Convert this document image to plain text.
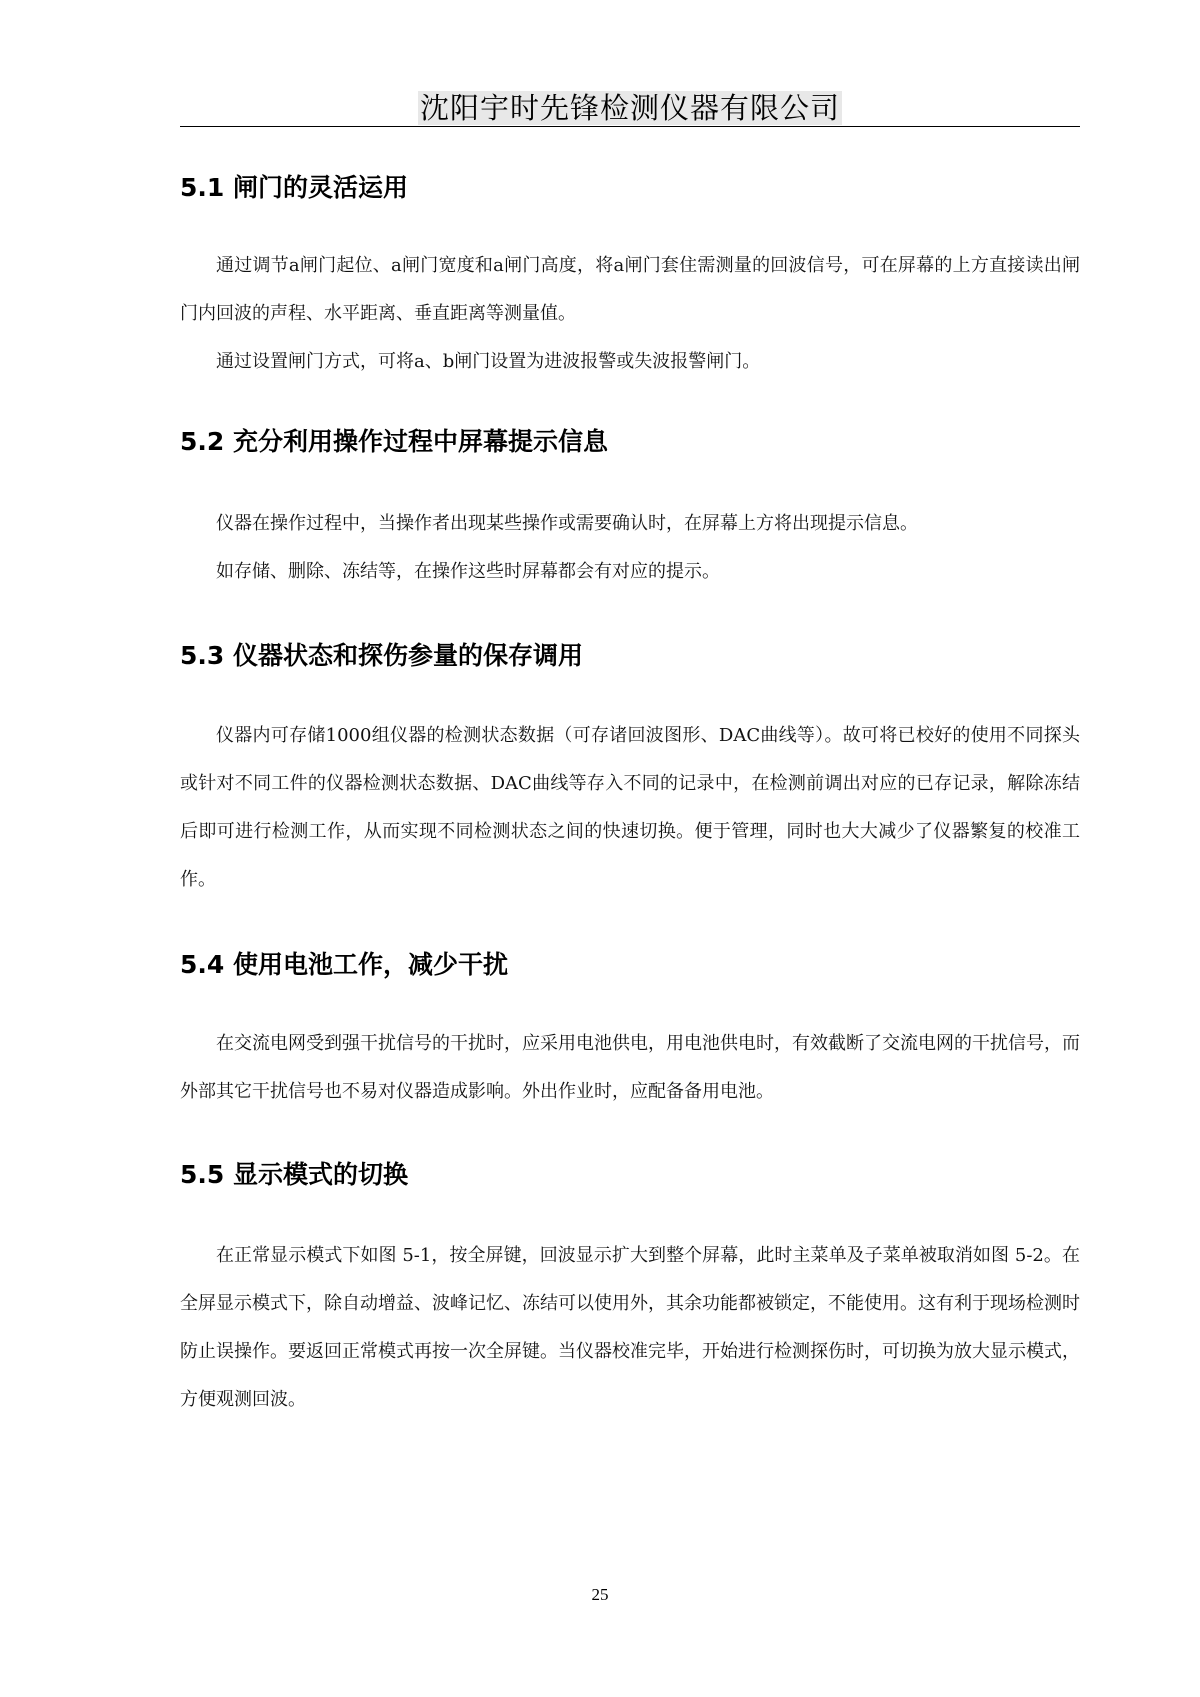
沈阳宇时先锋检测仪器有限公司
5.1 闸门的灵活运用

通过调节a闸门起位、a闸门宽度和a闸门高度，将a闸门套住需测量的回波信号，可在屏幕的上方直接读出闸门内回波的声程、水平距离、垂直距离等测量值。

通过设置闸门方式，可将a、b闸门设置为进波报警或失波报警闸门。

5.2 充分利用操作过程中屏幕提示信息

仪器在操作过程中，当操作者出现某些操作或需要确认时，在屏幕上方将出现提示信息。

如存储、删除、冻结等，在操作这些时屏幕都会有对应的提示。

5.3 仪器状态和探伤参量的保存调用

仪器内可存储1000组仪器的检测状态数据（可存诸回波图形、DAC曲线等）。故可将已校好的使用不同探头或针对不同工件的仪器检测状态数据、DAC曲线等存入不同的记录中，在检测前调出对应的已存记录，解除冻结后即可进行检测工作，从而实现不同检测状态之间的快速切换。便于管理，同时也大大减少了仪器繁复的校准工作。

5.4 使用电池工作，减少干扰

在交流电网受到强干扰信号的干扰时，应采用电池供电，用电池供电时，有效截断了交流电网的干扰信号，而外部其它干扰信号也不易对仪器造成影响。外出作业时，应配备备用电池。

5.5 显示模式的切换

在正常显示模式下如图 5-1，按全屏键，回波显示扩大到整个屏幕，此时主菜单及子菜单被取消如图 5-2。在全屏显示模式下，除自动增益、波峰记忆、冻结可以使用外，其余功能都被锁定，不能使用。这有利于现场检测时防止误操作。要返回正常模式再按一次全屏键。当仪器校准完毕，开始进行检测探伤时，可切换为放大显示模式，方便观测回波。

25
